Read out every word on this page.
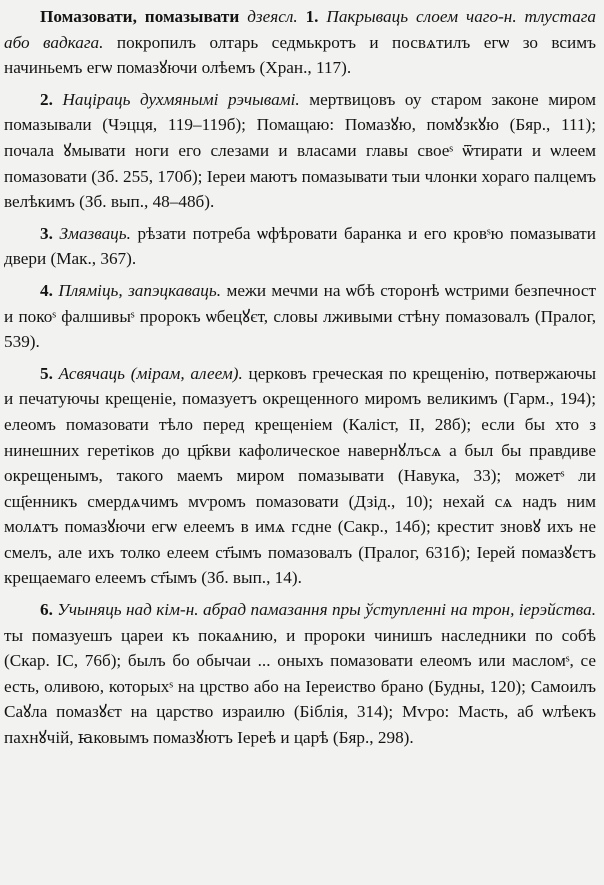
Помазовати, помазывати дзеясл. 1. Пакрываць слоем чаго-н. тлустага або вадкага. покропилъ олтарь седмькротъ и посвѧтилъ егѡ зо всимъ начиньемъ егѡ помазꙋючи олѣемъ (Хран., 117).

2. Націраць духмянымі рэчывамі. мертвицовъ оу старом законе миром помазывали (Чэцця, 119–119б); Помащаю: Помазꙋю, помꙋзкꙋю (Бяр., 111); почала ꙋмывати ноги его слезами и власами главы своеˢ ѿтирати и ѡлеем помазовати (Зб. 255, 170б); Іереи маютъ помазывати тыи члонки хораго палцемъ велѣкимъ (Зб. вып., 48–48б).

3. Змазваць. рѣзати потреба ѡфѣровати баранка и его кровˢю помазывати двери (Мак., 367).

4. Пляміць, запэцкаваць. межи мечми на ѡбѣ сторонѣ ѡстрими безпечност и покоˢ фалшивыˢ пророкъ ѡбецꙋєт, словы лживыми стѣну помазовалъ (Пралог, 539).

5. Асвячаць (мірам, алеем). церковъ греческая по крещенію, потвержаючы и печатуючы крещеніе, помазуетъ окрещенного миромъ великимъ (Гарм., 194); елеомъ помазовати тѣло перед крещеніем (Каліст, II, 28б); если бы хто з нинешних геретіков до цр҃кви кафолическое навернꙋлъсѧ а был бы правдиве окрещенымъ, такого маемъ миром помазывати (Навука, 33); можетˢ ли сщ҃енникъ смердѧчимъ мѵромъ помазовати (Дзід., 10); нехай сѧ надъ ним молѧтъ помазꙋючи егѡ елеемъ в имѧ гсдне (Сакр., 14б); крестит зновꙋ ихъ не смелъ, але ихъ толко елеем ст҃ымъ помазовалъ (Пралог, 631б); Іерей помазꙋєтъ крещаемаго елеемъ ст҃ымъ (Зб. вып., 14).

6. Учыняць над кім-н. абрад памазання пры ўступленні на трон, іерэйства. ты помазуешъ цареи къ покаѧнию, и пророки чинишъ наследники по собѣ (Скар. ІС, 76б); былъ бо обычаи ... оныхъ помазовати елеомъ или масломˢ, се есть, оливою, которыхˢ на црство або на Іереиство брано (Будны, 120); Самоилъ Саꙋла помазꙋєт на царство израилю (Біблія, 314); Мѵро: Масть, аб ѡлѣекъ пахнꙋчій, ꙗковымъ помазꙋютъ Іереѣ и царѣ (Бяр., 298).
